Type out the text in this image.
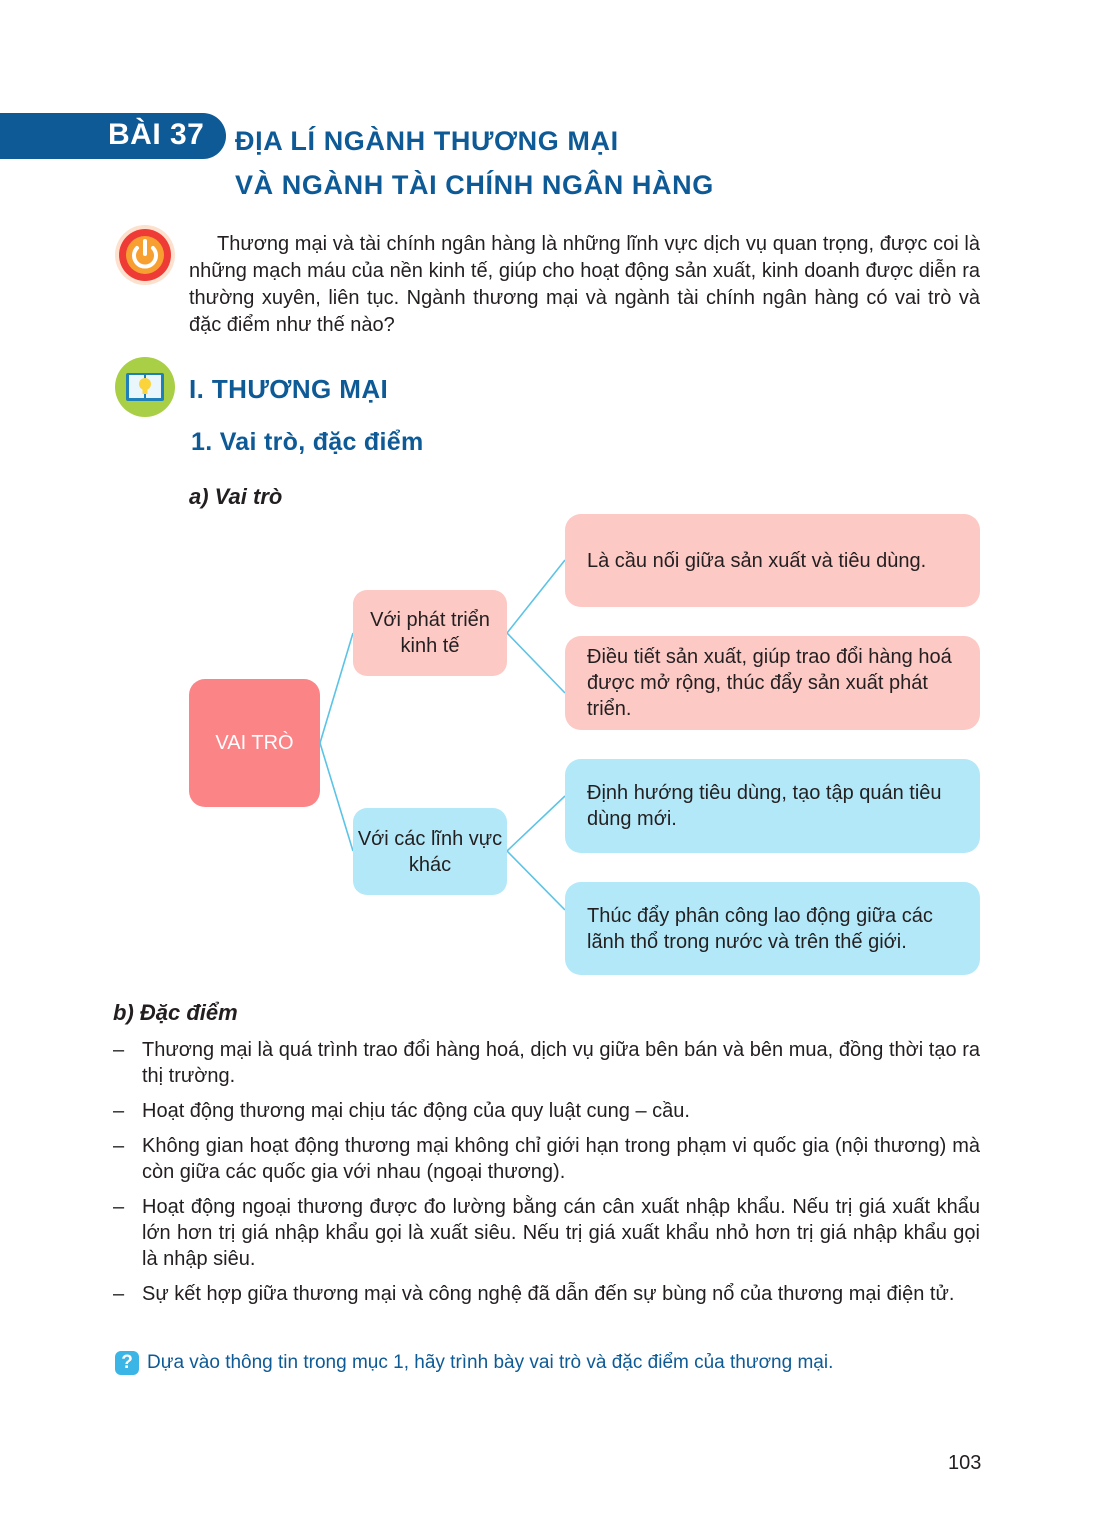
BÀI 37 ĐỊA LÍ NGÀNH THƯƠNG MẠI
VÀ NGÀNH TÀI CHÍNH NGÂN HÀNG
Thương mại và tài chính ngân hàng là những lĩnh vực dịch vụ quan trọng, được coi là những mạch máu của nền kinh tế, giúp cho hoạt động sản xuất, kinh doanh được diễn ra thường xuyên, liên tục. Ngành thương mại và ngành tài chính ngân hàng có vai trò và đặc điểm như thế nào?
I. THƯƠNG MẠI
1. Vai trò, đặc điểm
a) Vai trò
VAI TRÒ
Với phát triển kinh tế
Với các lĩnh vực khác
Là cầu nối giữa sản xuất và tiêu dùng.
Điều tiết sản xuất, giúp trao đổi hàng hoá được mở rộng, thúc đẩy sản xuất phát triển.
Định hướng tiêu dùng, tạo tập quán tiêu dùng mới.
Thúc đẩy phân công lao động giữa các lãnh thổ trong nước và trên thế giới.
b) Đặc điểm
– Thương mại là quá trình trao đổi hàng hoá, dịch vụ giữa bên bán và bên mua, đồng thời tạo ra thị trường.
– Hoạt động thương mại chịu tác động của quy luật cung – cầu.
– Không gian hoạt động thương mại không chỉ giới hạn trong phạm vi quốc gia (nội thương) mà còn giữa các quốc gia với nhau (ngoại thương).
– Hoạt động ngoại thương được đo lường bằng cán cân xuất nhập khẩu. Nếu trị giá xuất khẩu lớn hơn trị giá nhập khẩu gọi là xuất siêu. Nếu trị giá xuất khẩu nhỏ hơn trị giá nhập khẩu gọi là nhập siêu.
– Sự kết hợp giữa thương mại và công nghệ đã dẫn đến sự bùng nổ của thương mại điện tử.
? Dựa vào thông tin trong mục 1, hãy trình bày vai trò và đặc điểm của thương mại.
103
